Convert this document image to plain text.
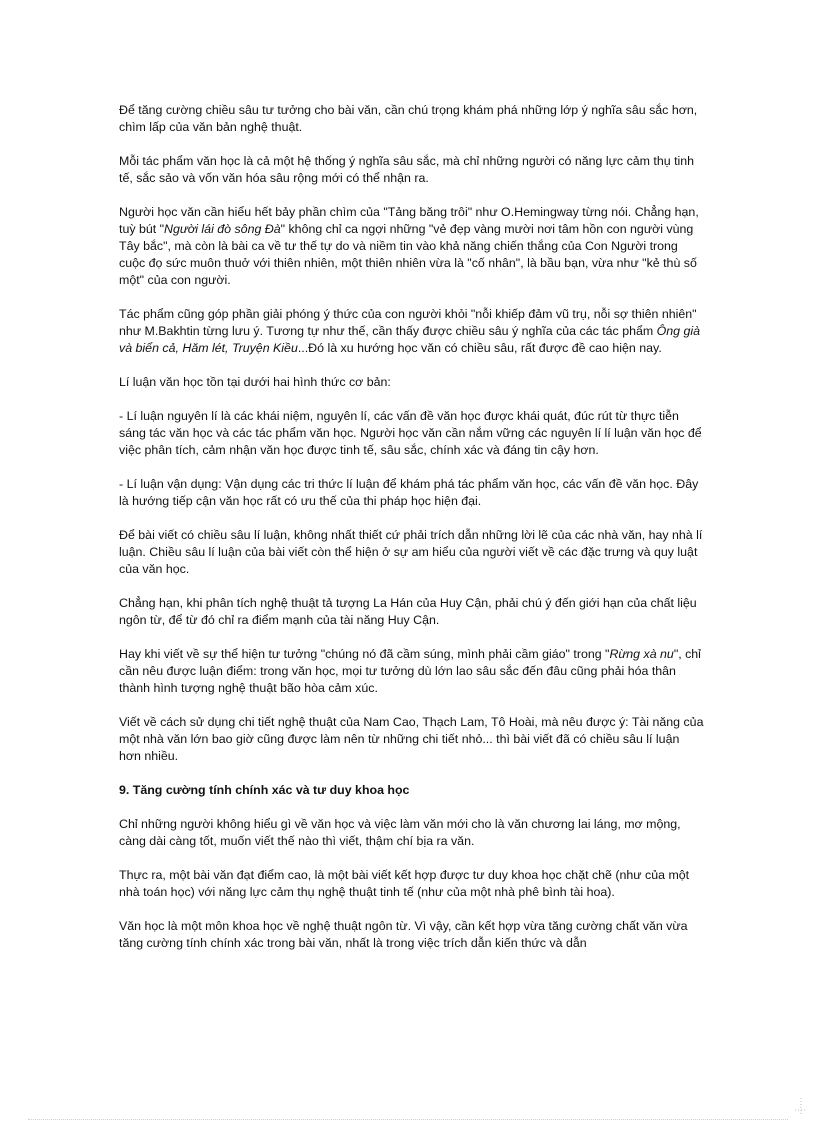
Để tăng cường chiều sâu tư tưởng cho bài văn, cần chú trọng khám phá những lớp ý nghĩa sâu sắc hơn, chìm lấp của văn bản nghệ thuật.

Mỗi tác phẩm văn học là cả một hệ thống ý nghĩa sâu sắc, mà chỉ những người có năng lực cảm thụ tinh tế, sắc sảo và vốn văn hóa sâu rộng mới có thể nhận ra.

Người học văn cần hiểu hết bảy phần chìm của "Tảng băng trôi" như O.Hemingway từng nói. Chẳng hạn, tuỳ bút "Người lái đò sông Đà" không chỉ ca ngợi những "vẻ đẹp vàng mười nơi tâm hồn con người vùng Tây bắc", mà còn là bài ca về tư thế tự do và niềm tin vào khả năng chiến thắng của Con Người trong cuộc đọ sức muôn thuở với thiên nhiên, một thiên nhiên vừa là "cố nhân", là bầu bạn, vừa như "kẻ thù số một" của con người.

Tác phẩm cũng góp phần giải phóng ý thức của con người khỏi "nỗi khiếp đảm vũ trụ, nỗi sợ thiên nhiên" như M.Bakhtin từng lưu ý. Tương tự như thế, cần thấy được chiều sâu ý nghĩa của các tác phẩm Ông già và biển cả, Hăm lét, Truyện Kiều...Đó là xu hướng học văn có chiều sâu, rất được đề cao hiện nay.

Lí luận văn học tồn tại dưới hai hình thức cơ bản:

- Lí luận nguyên lí là các khái niệm, nguyên lí, các vấn đề văn học được khái quát, đúc rút từ thực tiễn sáng tác văn học và các tác phẩm văn học. Người học văn cần nắm vững các nguyên lí lí luận văn học để việc phân tích, cảm nhận văn học được tinh tế, sâu sắc, chính xác và đáng tin cậy hơn.

- Lí luận vận dụng: Vận dụng các tri thức lí luận để khám phá tác phẩm văn học, các vấn đề văn học. Đây là hướng tiếp cận văn học rất có ưu thế của thi pháp học hiện đại.

Để bài viết có chiều sâu lí luận, không nhất thiết cứ phải trích dẫn những lời lẽ của các nhà văn, hay nhà lí luận. Chiều sâu lí luận của bài viết còn thể hiện ở sự am hiểu của người viết về các đặc trưng và quy luật của văn học.

Chẳng hạn, khi phân tích nghệ thuật tả tượng La Hán của Huy Cận, phải chú ý đến giới hạn của chất liệu ngôn từ, để từ đó chỉ ra điểm mạnh của tài năng Huy Cận.

Hay khi viết về sự thể hiện tư tưởng "chúng nó đã cầm súng, mình phải cầm giáo" trong "Rừng xà nu", chỉ cần nêu được luận điểm: trong văn học, mọi tư tưởng dù lớn lao sâu sắc đến đâu cũng phải hóa thân thành hình tượng nghệ thuật bão hòa cảm xúc.

Viết về cách sử dụng chi tiết nghệ thuật của Nam Cao, Thạch Lam, Tô Hoài, mà nêu được ý: Tài năng của một nhà văn lớn bao giờ cũng được làm nên từ những chi tiết nhỏ... thì bài viết đã có chiều sâu lí luận hơn nhiều.

9. Tăng cường tính chính xác và tư duy khoa học

Chỉ những người không hiểu gì về văn học và việc làm văn mới cho là văn chương lai láng, mơ mộng, càng dài càng tốt, muốn viết thế nào thì viết, thậm chí bịa ra văn.

Thực ra, một bài văn đạt điểm cao, là một bài viết kết hợp được tư duy khoa học chặt chẽ (như của một nhà toán học) với năng lực cảm thụ nghệ thuật tinh tế (như của một nhà phê bình tài hoa).

Văn học là một môn khoa học về nghệ thuật ngôn từ. Vì vậy, cần kết hợp vừa tăng cường chất văn vừa tăng cường tính chính xác trong bài văn, nhất là trong việc trích dẫn kiến thức và dẫn
